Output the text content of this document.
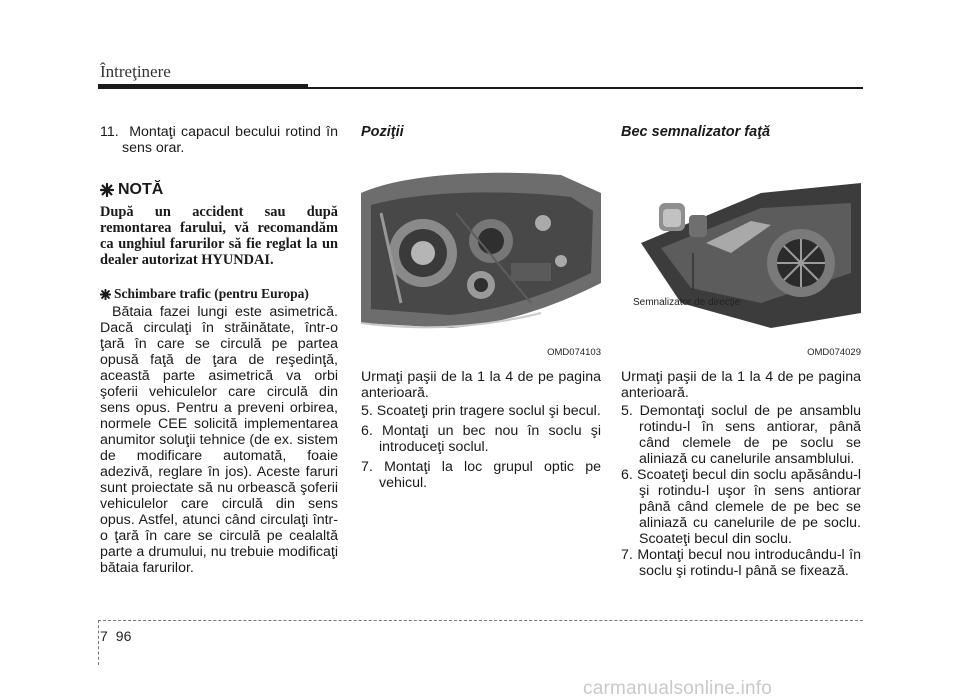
Întreţinere
11. Montaţi capacul becului rotind în sens orar.
NOTĂ

După un accident sau după remontarea farului, vă recomandăm ca unghiul farurilor să fie reglat la un dealer autorizat HYUNDAI.

Schimbare trafic (pentru Europa)

Bătaia fazei lungi este asimetrică. Dacă circulaţi în străinătate, într-o ţară în care se circulă pe partea opusă faţă de ţara de reşedinţă, această parte asimetrică va orbi şoferii vehiculelor care circulă din sens opus. Pentru a preveni orbirea, normele CEE solicită implementarea anumitor soluţii tehnice (de ex. sistem de modificare automată, foaie adezivă, reglare în jos). Aceste faruri sunt proiectate să nu orbească şoferii vehiculelor care circulă din sens opus. Astfel, atunci când circulaţi într-o ţară în care se circulă pe cealaltă parte a drumului, nu trebuie modificaţi bătaia farurilor.

Poziţii
OMD074103

Urmaţi paşii de la 1 la 4 de pe pagina anterioară.

5. Scoateţi prin tragere soclul şi becul.
6. Montaţi un bec nou în soclu şi introduceţi soclul.
7. Montaţi la loc grupul optic pe vehicul.
Bec semnalizator faţă
Semnalizator de direcţie
OMD074029

Urmaţi paşii de la 1 la 4 de pe pagina anterioară.

5. Demontaţi soclul de pe ansamblu rotindu-l în sens antiorar, până când clemele de pe soclu se aliniază cu canelurile ansamblului.
6. Scoateţi becul din soclu apăsându-l şi rotindu-l uşor în sens antiorar până când clemele de pe bec se aliniază cu canelurile de pe soclu. Scoateţi becul din soclu.
7. Montaţi becul nou introducându-l în soclu şi rotindu-l până se fixează.
7 96
carmanualsonline.info
